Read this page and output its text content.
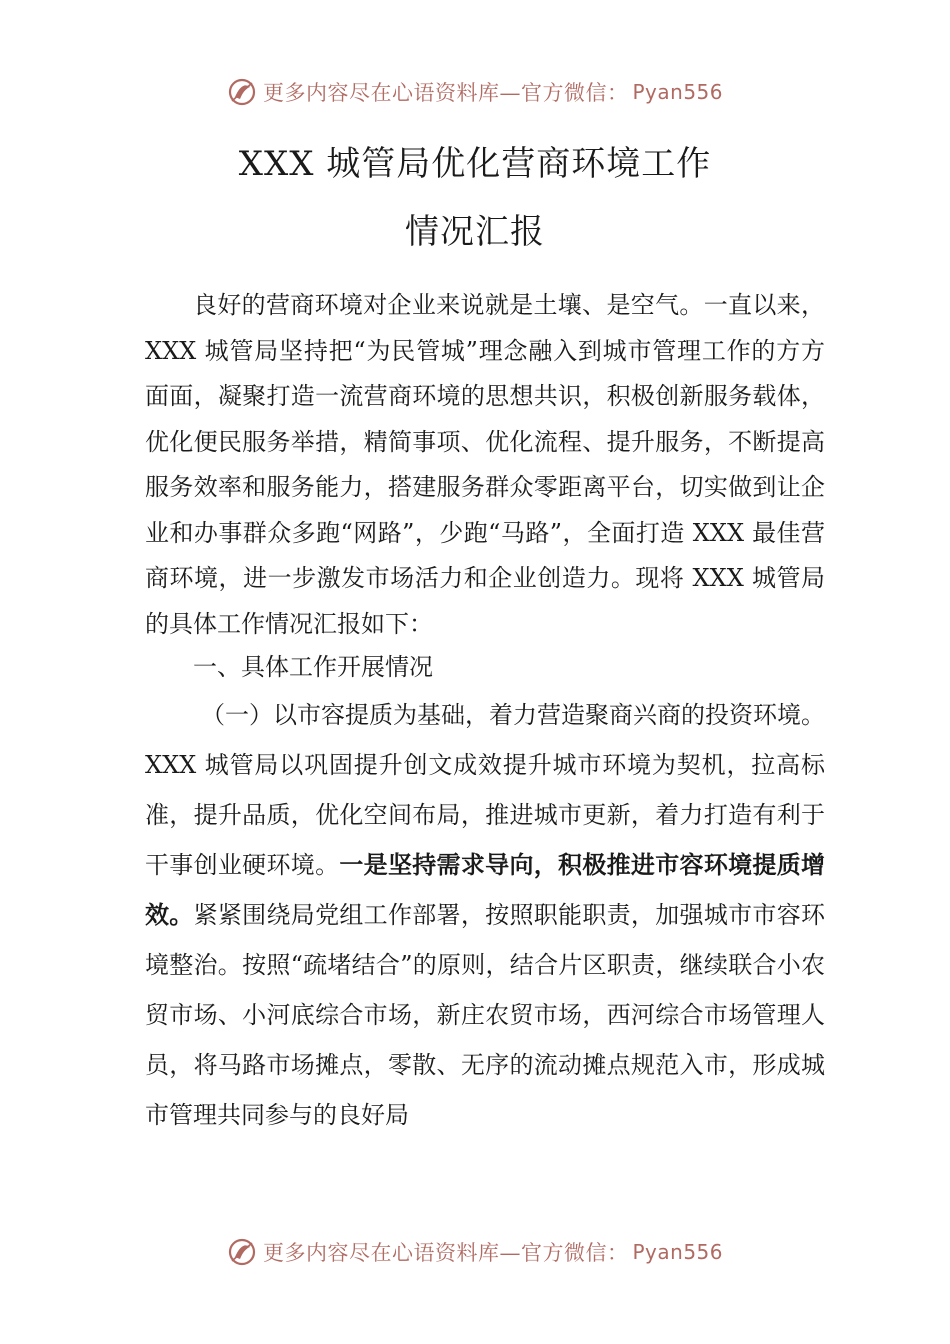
更多内容尽在心语资料库—官方微信： Pyan556
XXX 城管局优化营商环境工作
情况汇报

良好的营商环境对企业来说就是土壤、是空气。一直以来，XXX 城管局坚持把“为民管城”理念融入到城市管理工作的方方面面，凝聚打造一流营商环境的思想共识，积极创新服务载体，优化便民服务举措，精简事项、优化流程、提升服务，不断提高服务效率和服务能力，搭建服务群众零距离平台，切实做到让企业和办事群众多跑“网路”，少跑“马路”，全面打造 XXX 最佳营商环境，进一步激发市场活力和企业创造力。现将 XXX 城管局的具体工作情况汇报如下：

一、具体工作开展情况

（一）以市容提质为基础，着力营造聚商兴商的投资环境。XXX 城管局以巩固提升创文成效提升城市环境为契机，拉高标准，提升品质，优化空间布局，推进城市更新，着力打造有利于干事创业硬环境。一是坚持需求导向，积极推进市容环境提质增效。紧紧围绕局党组工作部署，按照职能职责，加强城市市容环境整治。按照“疏堵结合”的原则，结合片区职责，继续联合小农贸市场、小河底综合市场，新庄农贸市场，西河综合市场管理人员，将马路市场摊点，零散、无序的流动摊点规范入市，形成城市管理共同参与的良好局

更多内容尽在心语资料库—官方微信： Pyan556
